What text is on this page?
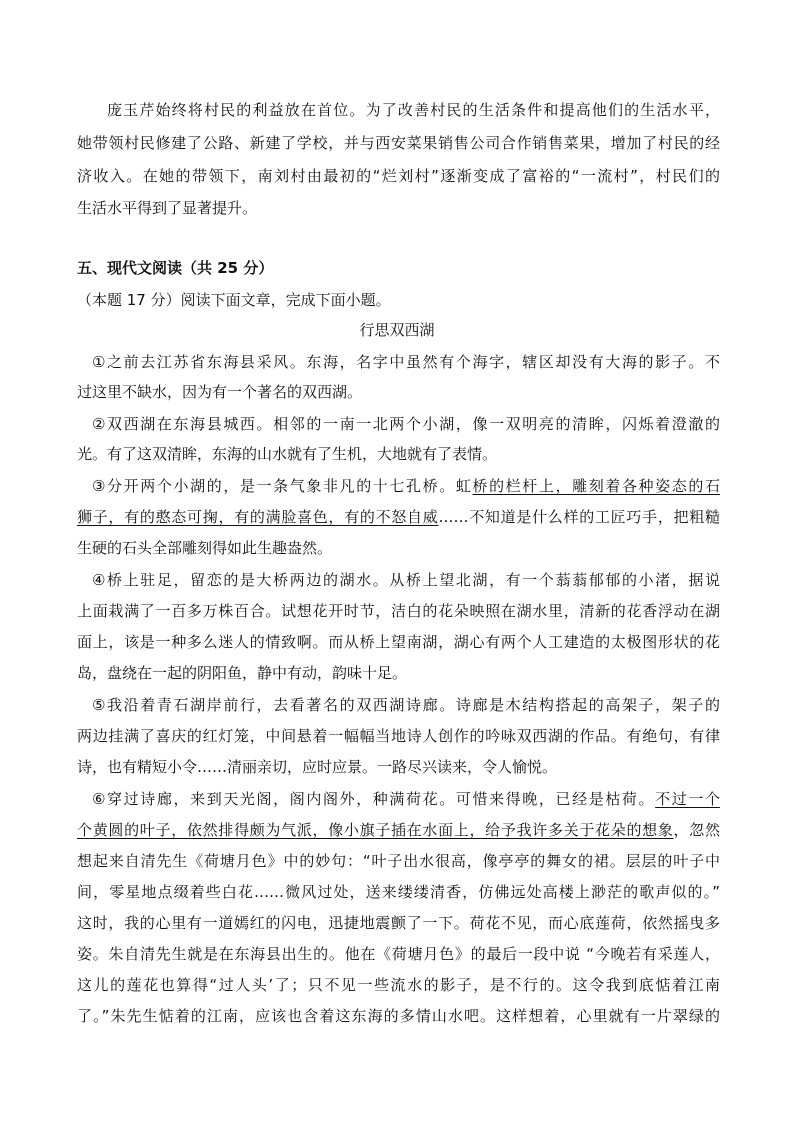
庞玉芹始终将村民的利益放在首位。为了改善村民的生活条件和提高他们的生活水平，
她带领村民修建了公路、新建了学校，并与西安菜果销售公司合作销售菜果，增加了村民的经
济收入。在她的带领下，南刘村由最初的“烂刘村”逐渐变成了富裕的“一流村”，村民们的
生活水平得到了显著提升。
五、现代文阅读（共 25 分）
（本题 17 分）阅读下面文章，完成下面小题。
行思双西湖
①之前去江苏省东海县采风。东海，名字中虽然有个海字，辖区却没有大海的影子。不
过这里不缺水，因为有一个著名的双西湖。
②双西湖在东海县城西。相邻的一南一北两个小湖，像一双明亮的清眸，闪烁着澄澈的
光。有了这双清眸，东海的山水就有了生机，大地就有了表情。
③分开两个小湖的，是一条气象非凡的十七孔桥。虹桥的栏杆上，雕刻着各种姿态的石
狮子，有的憨态可掬，有的满脸喜色，有的不怒自威……不知道是什么样的工匠巧手，把粗糙
生硬的石头全部雕刻得如此生趣盎然。
④桥上驻足，留恋的是大桥两边的湖水。从桥上望北湖，有一个蓊蓊郁郁的小渚，据说
上面栽满了一百多万株百合。试想花开时节，洁白的花朵映照在湖水里，清新的花香浮动在湖
面上，该是一种多么迷人的情致啊。而从桥上望南湖，湖心有两个人工建造的太极图形状的花
岛，盘绕在一起的阴阳鱼，静中有动，韵味十足。
⑤我沿着青石湖岸前行，去看著名的双西湖诗廊。诗廊是木结构搭起的高架子，架子的
两边挂满了喜庆的红灯笼，中间悬着一幅幅当地诗人创作的吟咏双西湖的作品。有绝句，有律
诗，也有精短小令……清丽亲切，应时应景。一路尽兴读来，令人愉悦。
⑥穿过诗廊，来到天光阁，阁内阁外，种满荷花。可惜来得晚，已经是枯荷。不过一个
个黄圆的叶子，依然排得颇为气派，像小旗子插在水面上，给予我许多关于花朵的想象，忽然
想起来自清先生《荷塘月色》中的妙句：“叶子出水很高，像亭亭的舞女的裙。层层的叶子中
间，零星地点缀着些白花……微风过处，送来缕缕清香，仿佛远处高楼上渺茫的歌声似的。”
这时，我的心里有一道嫣红的闪电，迅捷地震颤了一下。荷花不见，而心底莲荷，依然摇曳多
姿。朱自清先生就是在东海县出生的。他在《荷塘月色》的最后一段中说 “今晚若有采莲人，
这儿的莲花也算得“过人头’了；只不见一些流水的影子，是不行的。这令我到底惦着江南
了。”朱先生惦着的江南，应该也含着这东海的多情山水吧。这样想着，心里就有一片翠绿的
